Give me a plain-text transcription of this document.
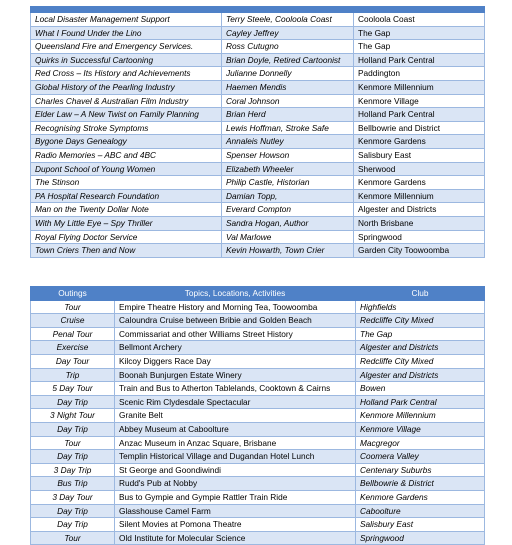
Local Disaster Management Support	Terry Steele, Cooloola Coast	Cooloola Coast
What I Found Under the Lino	Cayley Jeffrey	The Gap
Queensland Fire and Emergency Services.	Ross Cutugno	The Gap
Quirks in Successful Cartooning	Brian Doyle, Retired Cartoonist	Holland Park Central
Red Cross – Its History and Achievements	Julianne Donnelly	Paddington
Global History of the Pearling Industry	Haemen Mendis	Kenmore Millennium
Charles Chavel & Australian Film Industry	Coral Johnson	Kenmore Village
Elder Law – A New Twist on Family Planning	Brian Herd	Holland Park Central
Recognising Stroke Symptoms	Lewis Hoffman, Stroke Safe	Bellbowrie and District
Bygone Days Genealogy	Annaleis Nutley	Kenmore Gardens
Radio Memories – ABC and 4BC	Spenser Howson	Salisbury East
Dupont School of Young Women	Elizabeth Wheeler	Sherwood
The Stinson	Philip Castle, Historian	Kenmore Gardens
PA Hospital Research Foundation	Damian Topp,	Kenmore Millennium
Man on the Twenty Dollar Note	Everard Compton	Algester and Districts
With My Little Eye – Spy Thriller	Sandra Hogan, Author	North Brisbane
Royal Flying Doctor Service	Val Marlowe	Springwood
Town Criers Then and Now	Kevin Howarth, Town Crier	Garden City Toowoomba
Outings	Topics, Locations, Activities	Club
Tour	Empire Theatre History and Morning Tea, Toowoomba	Highfields
Cruise	Caloundra Cruise between Bribie and Golden Beach	Redcliffe City Mixed
Penal Tour	Commissariat and other Williams Street History	The Gap
Exercise	Bellmont Archery	Algester and Districts
Day Tour	Kilcoy Diggers Race Day	Redcliffe City Mixed
Trip	Boonah Bunjurgen Estate Winery	Algester and Districts
5 Day Tour	Train and Bus to Atherton Tablelands, Cooktown & Cairns	Bowen
Day Trip	Scenic Rim Clydesdale Spectacular	Holland Park Central
3 Night Tour	Granite Belt	Kenmore Millennium
Day Trip	Abbey Museum at Caboolture	Kenmore Village
Tour	Anzac Museum in Anzac Square, Brisbane	Macgregor
Day Trip	Templin Historical Village and Dugandan Hotel Lunch	Coomera Valley
3 Day Trip	St George and Goondiwindi	Centenary Suburbs
Bus Trip	Rudd's Pub at Nobby	Bellbowrie & District
3 Day Tour	Bus to Gympie and Gympie Rattler Train Ride	Kenmore Gardens
Day Trip	Glasshouse Camel Farm	Caboolture
Day Trip	Silent Movies at Pomona Theatre	Salisbury East
Tour	Old Institute for Molecular Science	Springwood
